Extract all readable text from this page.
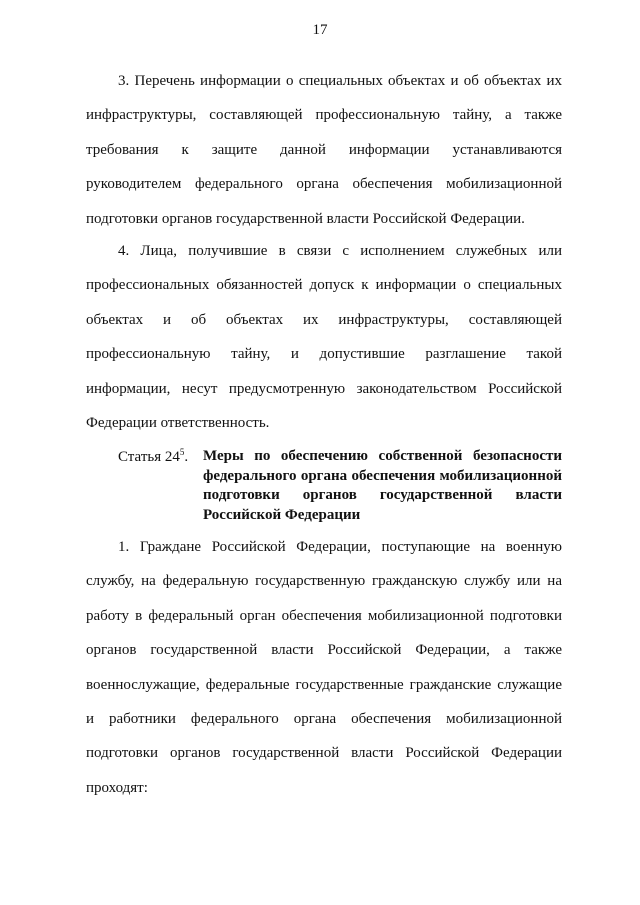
17

3. Перечень информации о специальных объектах и об объектах их инфраструктуры, составляющей профессиональную тайну, а также требования к защите данной информации устанавливаются руководителем федерального органа обеспечения мобилизационной подготовки органов государственной власти Российской Федерации.

4. Лица, получившие в связи с исполнением служебных или профессиональных обязанностей допуск к информации о специальных объектах и об объектах их инфраструктуры, составляющей профессиональную тайну, и допустившие разглашение такой информации, несут предусмотренную законодательством Российской Федерации ответственность.

Статья $24^5$. Меры по обеспечению собственной безопасности федерального органа обеспечения мобилизационной подготовки органов государственной власти Российской Федерации

1. Граждане Российской Федерации, поступающие на военную службу, на федеральную государственную гражданскую службу или на работу в федеральный орган обеспечения мобилизационной подготовки органов государственной власти Российской Федерации, а также военнослужащие, федеральные государственные гражданские служащие и работники федерального органа обеспечения мобилизационной подготовки органов государственной власти Российской Федерации проходят:
